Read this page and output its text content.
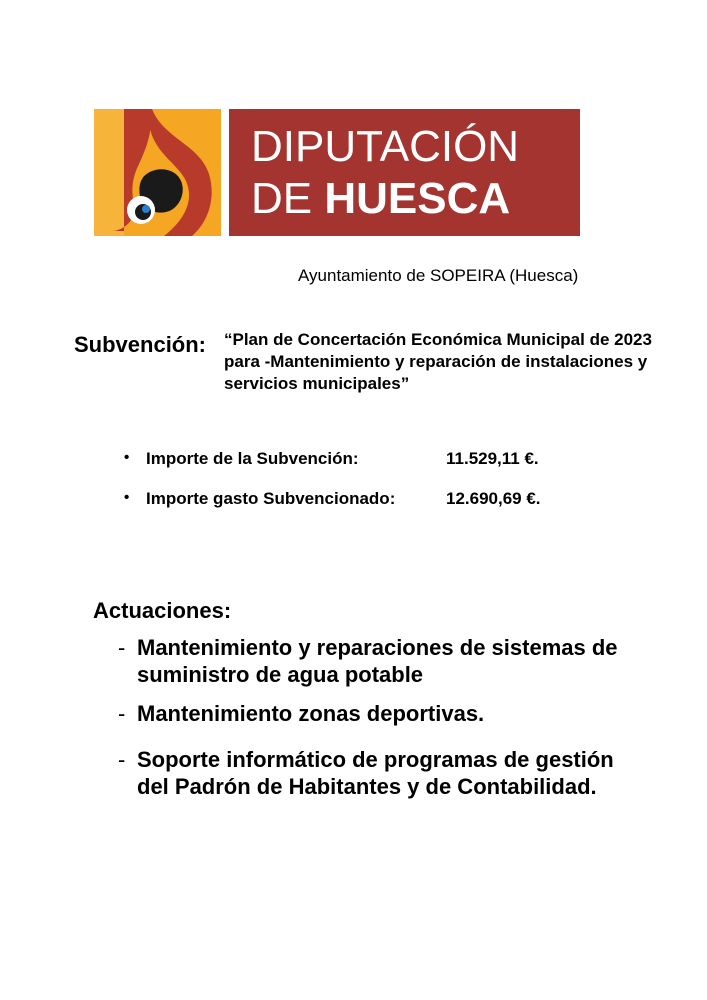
DIPUTACIÓN
DE HUESCA
Ayuntamiento de SOPEIRA (Huesca)
Subvención: “Plan de Concertación Económica Municipal de 2023 para -Mantenimiento y reparación de instalaciones y servicios municipales”
• Importe de la Subvención:	11.529,11 €.
• Importe gasto Subvencionado:	12.690,69 €.
Actuaciones:
- Mantenimiento y reparaciones de sistemas de suministro de agua potable
- Mantenimiento zonas deportivas.
- Soporte informático de programas de gestión del Padrón de Habitantes y de Contabilidad.
